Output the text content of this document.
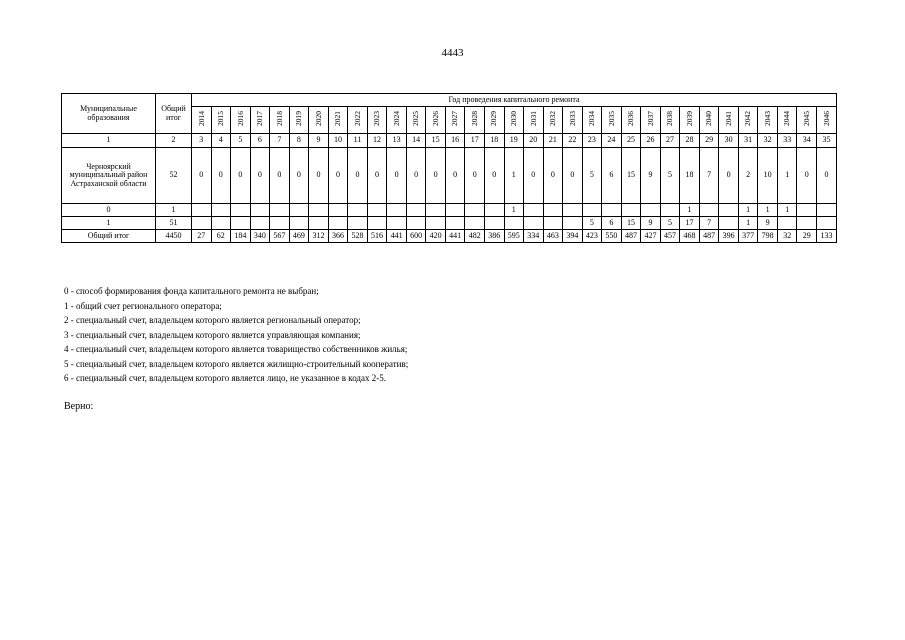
4443
Муниципальные образования	Общий итог	Год проведения капитального ремонта																																
		2014	2015	2016	2017	2018	2019	2020	2021	2022	2023	2024	2025	2026	2027	2028	2029	2030	2031	2032	2033	2034	2035	2036	2037	2038	2039	2040	2041	2042	2043	2044	2045	2046
1	2	3	4	5	6	7	8	9	10	11	12	13	14	15	16	17	18	19	20	21	22	23	24	25	26	27	28	29	30	31	32	33	34	35
Черноярский муниципальный район Астраханской области	52	0	0	0	0	0	0	0	0	0	0	0	0	0	0	0	0	1	0	0	0	5	6	15	9	5	18	7	0	2	10	1	0	0
0	1																	1									1			1	1	1		
1	51																					5	6	15	9	5	17	7		1	9			
Общий итог	4450	27	62	184	340	567	469	312	366	528	516	441	600	420	441	482	386	595	334	463	394	423	550	487	427	457	468	487	396	377	798	32	29	133
0 - способ формирования фонда капитального ремонта не выбран;
1 - общий счет регионального оператора;
2 - специальный счет, владельцем которого является региональный оператор;
3 - специальный счет, владельцем которого является управляющая компания;
4 - специальный счет, владельцем которого является товарищество собственников жилья;
5 - специальный счет, владельцем которого является жилищно-строительный кооператив;
6 - специальный счет, владельцем которого является лицо, не указанное в кодах 2-5.
Верно:
